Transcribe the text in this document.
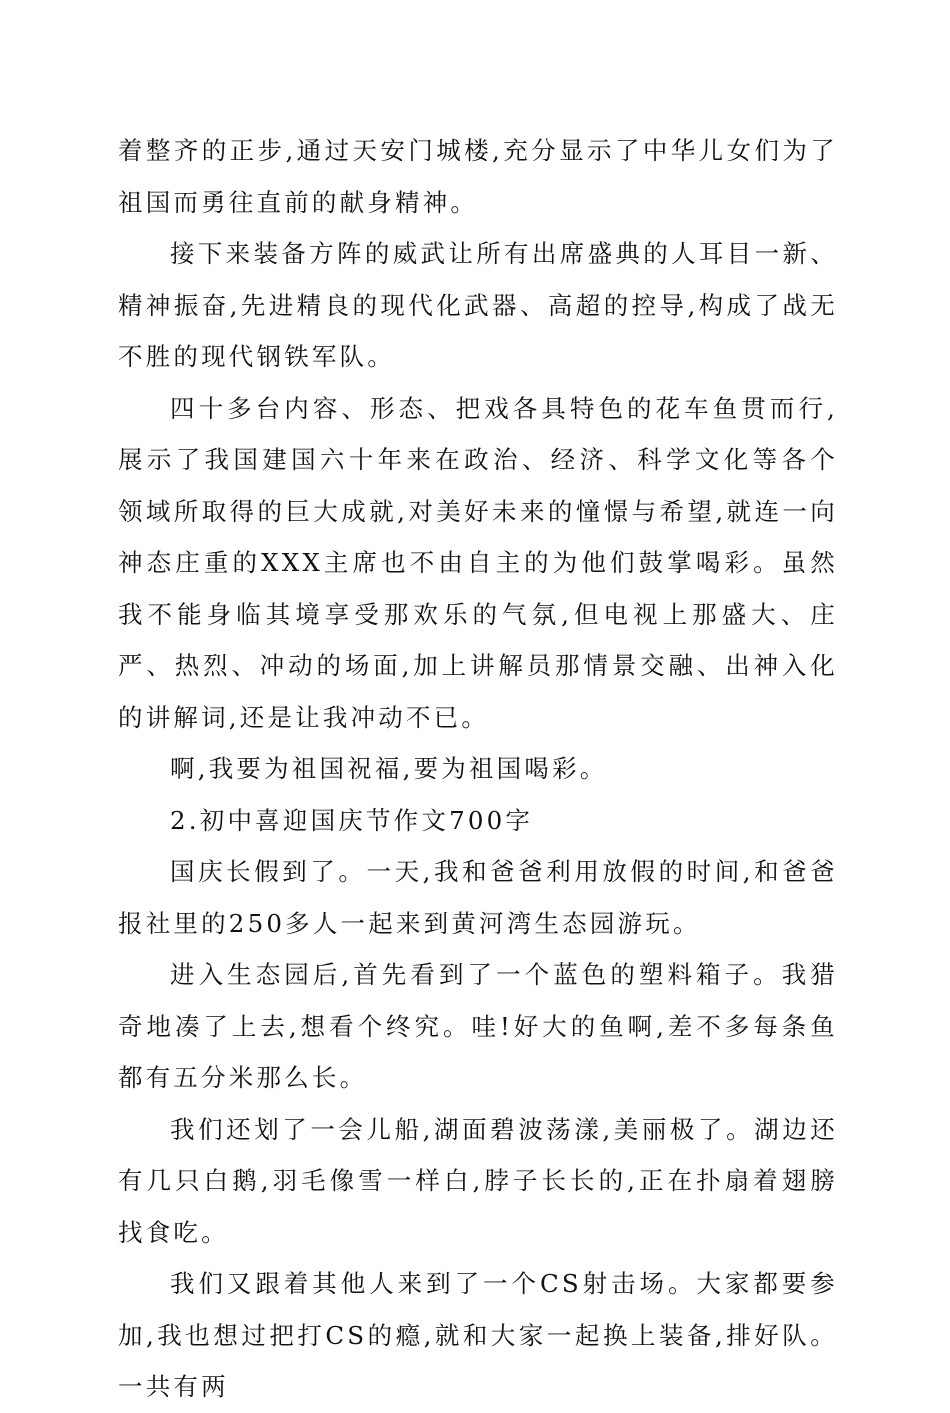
着整齐的正步,通过天安门城楼,充分显示了中华儿女们为了祖国而勇往直前的献身精神。

接下来装备方阵的威武让所有出席盛典的人耳目一新、精神振奋,先进精良的现代化武器、高超的控导,构成了战无不胜的现代钢铁军队。

四十多台内容、形态、把戏各具特色的花车鱼贯而行,展示了我国建国六十年来在政治、经济、科学文化等各个领域所取得的巨大成就,对美好未来的憧憬与希望,就连一向神态庄重的XXX主席也不由自主的为他们鼓掌喝彩。虽然我不能身临其境享受那欢乐的气氛,但电视上那盛大、庄严、热烈、冲动的场面,加上讲解员那情景交融、出神入化的讲解词,还是让我冲动不已。

啊,我要为祖国祝福,要为祖国喝彩。

2.初中喜迎国庆节作文700字

国庆长假到了。一天,我和爸爸利用放假的时间,和爸爸报社里的250多人一起来到黄河湾生态园游玩。

进入生态园后,首先看到了一个蓝色的塑料箱子。我猎奇地凑了上去,想看个终究。哇!好大的鱼啊,差不多每条鱼都有五分米那么长。

我们还划了一会儿船,湖面碧波荡漾,美丽极了。湖边还有几只白鹅,羽毛像雪一样白,脖子长长的,正在扑扇着翅膀找食吃。

我们又跟着其他人来到了一个CS射击场。大家都要参加,我也想过把打CS的瘾,就和大家一起换上装备,排好队。一共有两
